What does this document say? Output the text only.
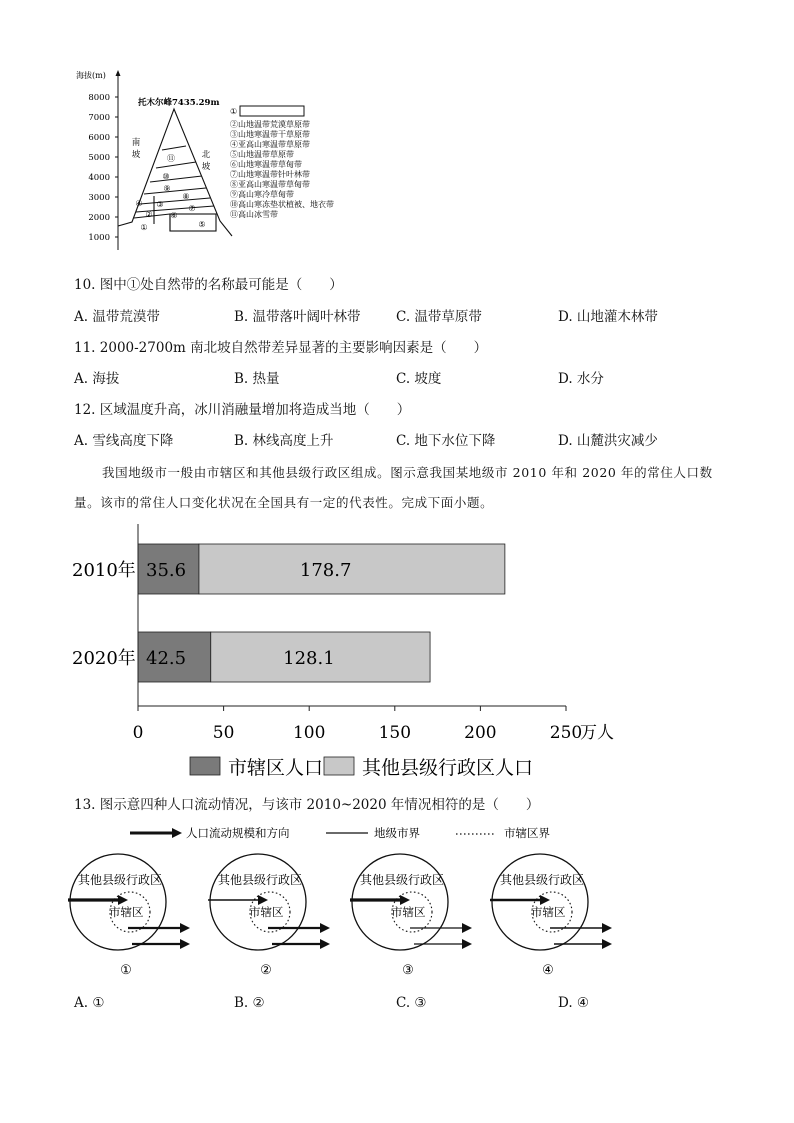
海拔(m)
8000
7000
6000
5000
4000
3000
2000
1000
托木尔峰7435.29m
①
⑪
⑩
⑨
④
②
③
⑥
⑦
⑧
⑤
南
坡	北
坡
①
②山地温带荒漠草原带
③山地寒温带干草原带
④亚高山寒温带草原带
⑤山地温带草原带
⑥山地寒温带草甸带
⑦山地寒温带针叶林带
⑧亚高山寒温带草甸带
⑨高山寒冷草甸带
⑩高山寒冻垫状植被、地衣带
⑪高山冰雪带
10. 图中①处自然带的名称最可能是（　　）
A. 温带荒漠带	B. 温带落叶阔叶林带	C. 温带草原带	D. 山地灌木林带
11. 2000-2700m 南北坡自然带差异显著的主要影响因素是（　　）
A. 海拔	B. 热量	C. 坡度	D. 水分
12. 区域温度升高，冰川消融量增加将造成当地（　　）
A. 雪线高度下降	B. 林线高度上升	C. 地下水位下降	D. 山麓洪灾减少
我国地级市一般由市辖区和其他县级行政区组成。图示意我国某地级市 2010 年和 2020 年的常住人口数量。该市的常住人口变化状况在全国具有一定的代表性。完成下面小题。
35.6	178.7
42.5	128.1
2010年
2020年
0	50	100	150	200	250
万人
市辖区人口 其他县级行政区人口
13. 图示意四种人口流动情况，与该市 2010~2020 年情况相符的是（　　）
人口流动规模和方向	地级市界	市辖区界
其他县级行政区
市辖区
①
其他县级行政区
市辖区
②
其他县级行政区
市辖区
③
其他县级行政区
市辖区
④
A. ①	B. ②	C. ③	D. ④
